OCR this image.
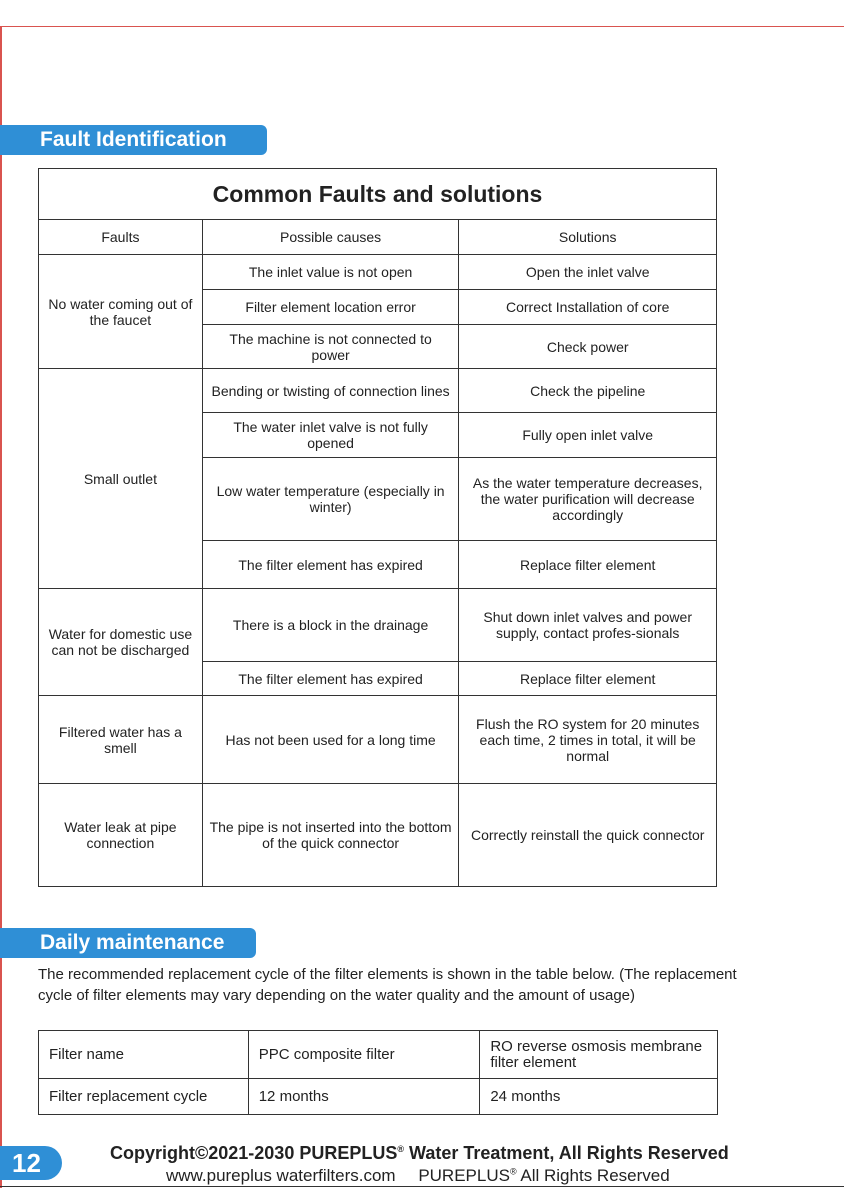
Fault Identification
Common Faults and solutions		
Faults	Possible causes	Solutions
No water coming out of the faucet	The inlet value is not open	Open the inlet valve
	Filter element location error	Correct Installation of core
	The machine is not connected to power	Check power
Small outlet	Bending or twisting of connection lines	Check the pipeline
	The water inlet valve is not fully opened	Fully open inlet valve
	Low water temperature (especially in winter)	As the water temperature decreases, the water purification will decrease accordingly
	The filter element has expired	Replace filter element
Water for domestic use can not be discharged	There is a block in the drainage	Shut down inlet valves and power supply, contact profes-sionals
	The filter element has expired	Replace filter element
Filtered water has a smell	Has not been used for a long time	Flush the RO system for 20 minutes each time, 2 times in total, it will be normal
Water leak at pipe connection	The pipe is not inserted into the bottom of the quick connector	Correctly reinstall the quick connector
Daily maintenance
The recommended replacement cycle of the filter elements is shown in the table below. (The replacement cycle of filter elements may vary depending on the water quality and the amount of usage)
Filter name	PPC composite filter	RO reverse osmosis membrane filter element
Filter replacement cycle	12 months	24 months
12	Copyright©2021-2030 PUREPLUS® Water Treatment, All Rights Reserved
www.pureplus waterfilters.com PUREPLUS® All Rights Reserved
